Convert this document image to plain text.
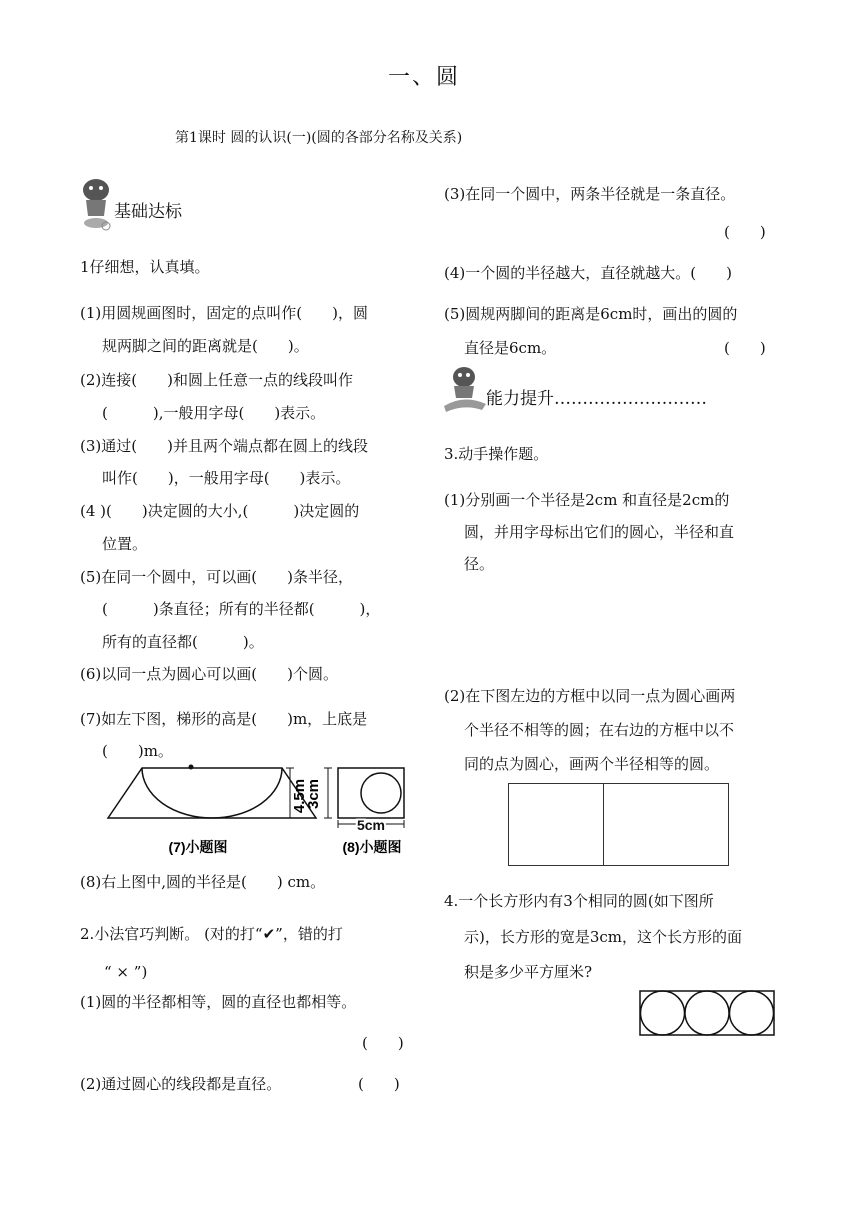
一、圆
第1课时 圆的认识(一)(圆的各部分名称及关系)
基础达标
1仔细想，认真填。
(1)用圆规画图时，固定的点叫作(　　)，圆
规两脚之间的距离就是(　　)。
(2)连接(　　)和圆上任意一点的线段叫作
(　　　),一般用字母(　　)表示。
(3)通过(　　)并且两个端点都在圆上的线段
叫作(　　)，一般用字母(　　)表示。
(4 )(　　)决定圆的大小,(　　　)决定圆的
位置。
(5)在同一个圆中，可以画(　　)条半径，
(　　　)条直径；所有的半径都(　　　)，
所有的直径都(　　　)。
(6)以同一点为圆心可以画(　　)个圆。
(7)如左下图，梯形的高是(　　)m，上底是
(　　)m。
4.5m
3cm
5cm
(7)小题图	(8)小题图
(8)右上图中,圆的半径是(　　) cm。
2.小法官巧判断。 (对的打“✔”，错的打
“ × ”)
(1)圆的半径都相等，圆的直径也都相等。
(　　)
(2)通过圆心的线段都是直径。	(　　)
(3)在同一个圆中，两条半径就是一条直径。
(　　)
(4)一个圆的半径越大，直径就越大。(　　)
(5)圆规两脚间的距离是6cm时，画出的圆的
直径是6cm。	(　　)
能力提升………………………
3.动手操作题。
(1)分别画一个半径是2cm 和直径是2cm的
圆，并用字母标出它们的圆心，半径和直
径。
(2)在下图左边的方框中以同一点为圆心画两
个半径不相等的圆；在右边的方框中以不
同的点为圆心，画两个半径相等的圆。
4.一个长方形内有3个相同的圆(如下图所
示)，长方形的宽是3cm，这个长方形的面
积是多少平方厘米?
